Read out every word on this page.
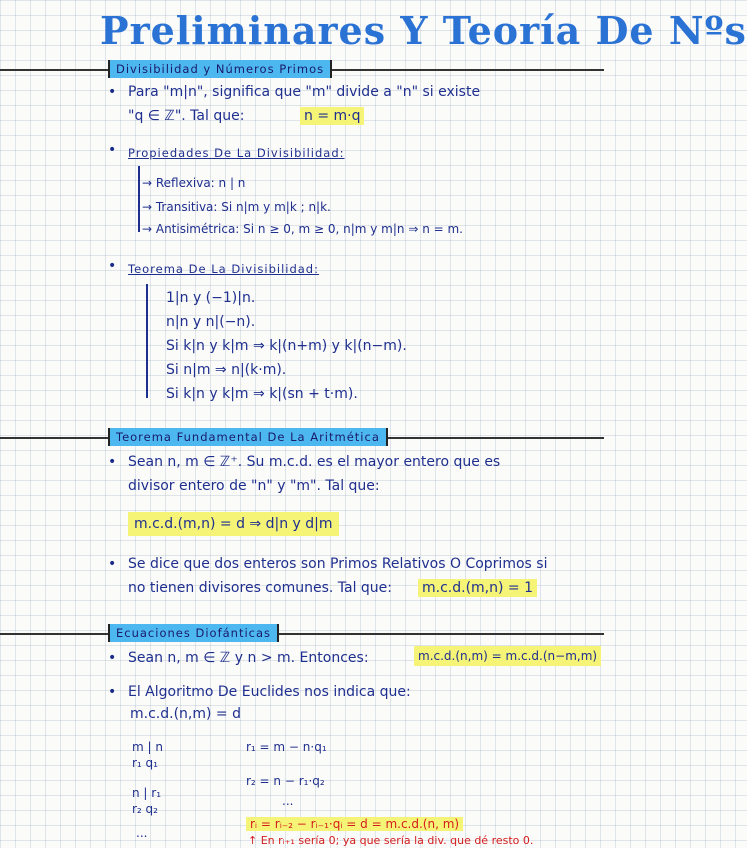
Preliminares Y Teoría De Nºs
Divisibilidad y Números Primos
• Para "m|n", significa que "m" divide a "n" si existe
"q ∈ ℤ". Tal que:	n = m·q
• Propiedades De La Divisibilidad:
→ Reflexiva: n | n
→ Transitiva: Si n|m y m|k ; n|k.
→ Antisimétrica: Si n ≥ 0, m ≥ 0, n|m y m|n ⇒ n = m.
• Teorema De La Divisibilidad:
1|n y (−1)|n.
n|n y n|(−n).
Si k|n y k|m ⇒ k|(n+m) y k|(n−m).
Si n|m ⇒ n|(k·m).
Si k|n y k|m ⇒ k|(sn + t·m).
Teorema Fundamental De La Aritmética
• Sean n, m ∈ ℤ⁺. Su m.c.d. es el mayor entero que es
divisor entero de "n" y "m". Tal que:
m.c.d.(m,n) = d ⇒ d|n y d|m
• Se dice que dos enteros son Primos Relativos O Coprimos si
no tienen divisores comunes. Tal que: m.c.d.(m,n) = 1
Ecuaciones Diofánticas
• Sean n, m ∈ ℤ y n > m. Entonces:	m.c.d.(n,m) = m.c.d.(n−m,m)
• El Algoritmo De Euclides nos indica que:
m.c.d.(n,m) = d
m | n
r₁ q₁
n | r₁
r₂ q₂
...
r₁ = m − n·q₁
r₂ = n − r₁·q₂
...
rᵢ = rᵢ₋₂ − rᵢ₋₁·qᵢ = d = m.c.d.(n, m)
↑ En rᵢ₊₁ sería 0; ya que sería la div. que dé resto 0.
